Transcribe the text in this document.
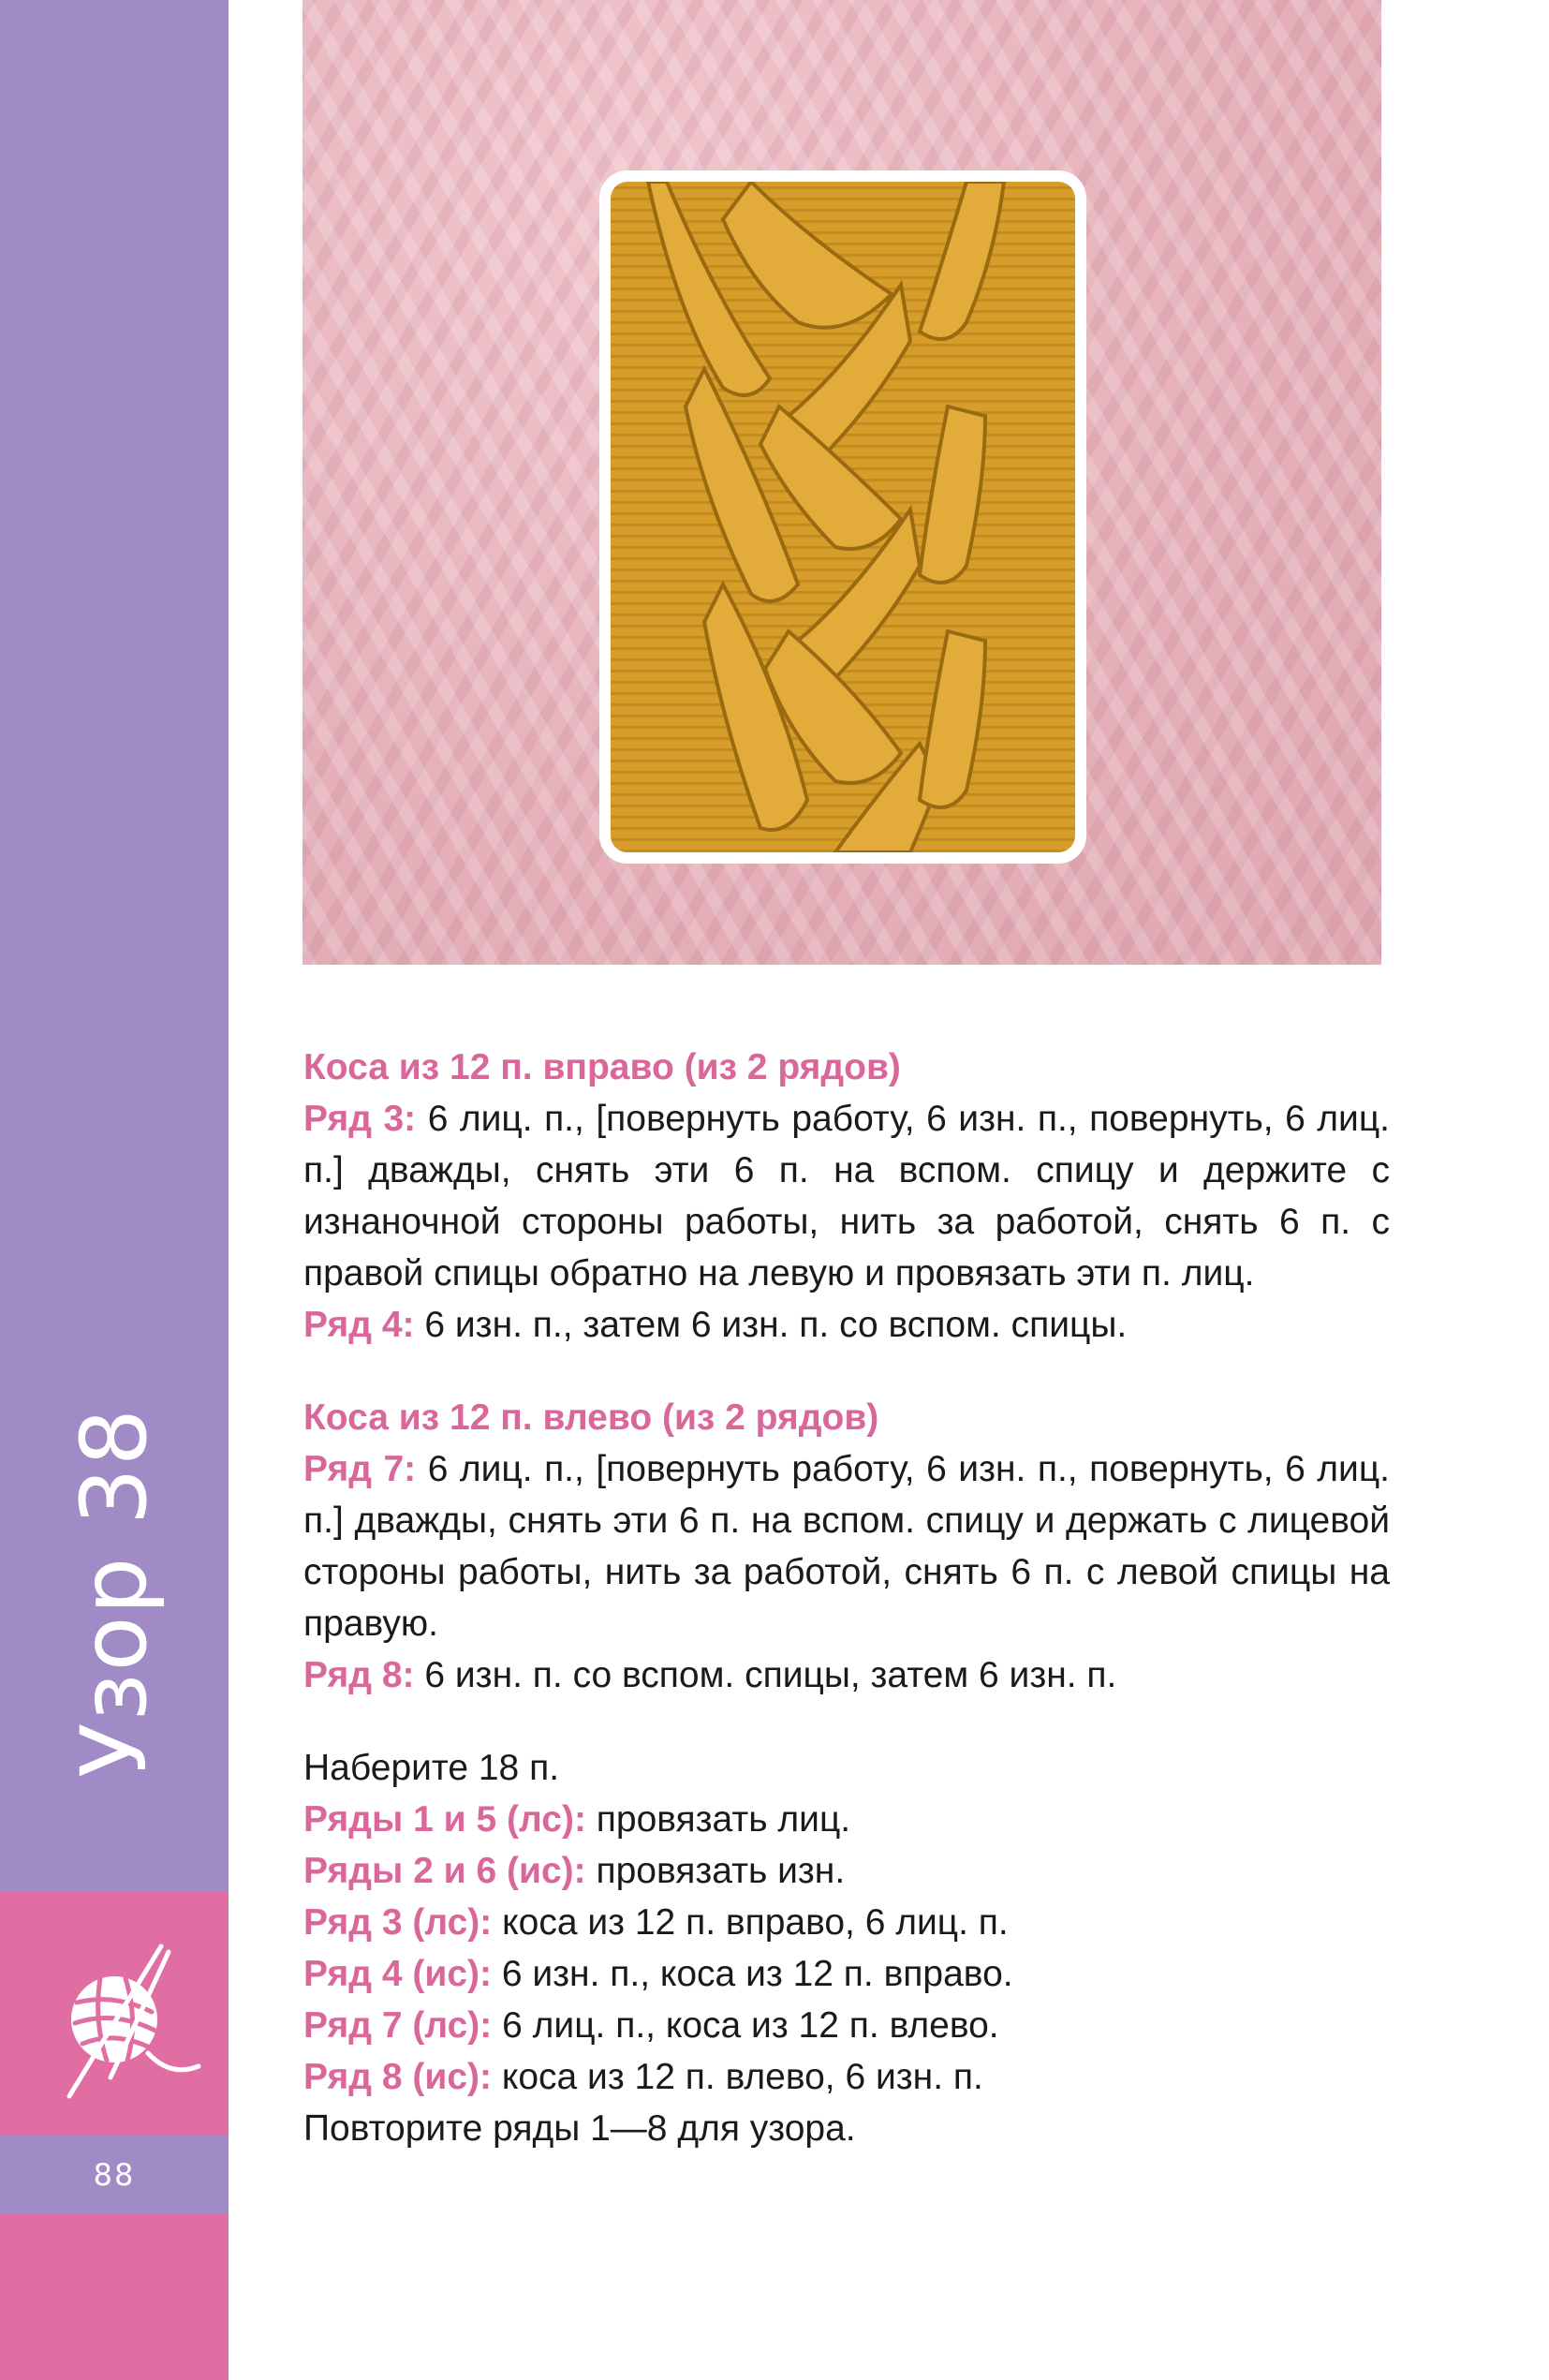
Узор 38
88
Коса из 12 п. вправо (из 2 рядов)

Ряд 3: 6 лиц. п., [повернуть работу, 6 изн. п., повернуть, 6 лиц. п.] дважды, снять эти 6 п. на вспом. спицу и держите с изнаночной стороны работы, нить за работой, снять 6 п. с правой спицы обратно на левую и провязать эти п. лиц.

Ряд 4: 6 изн. п., затем 6 изн. п. со вспом. спицы.

Коса из 12 п. влево (из 2 рядов)

Ряд 7: 6 лиц. п., [повернуть работу, 6 изн. п., повернуть, 6 лиц. п.] дважды, снять эти 6 п. на вспом. спицу и держать с лицевой стороны работы, нить за работой, снять 6 п. с левой спицы на правую.

Ряд 8: 6 изн. п. со вспом. спицы, затем 6 изн. п.

Наберите 18 п.
Ряды 1 и 5 (лс): провязать лиц.
Ряды 2 и 6 (ис): провязать изн.
Ряд 3 (лс): коса из 12 п. вправо, 6 лиц. п.
Ряд 4 (ис): 6 изн. п., коса из 12 п. вправо.
Ряд 7 (лс): 6 лиц. п., коса из 12 п. влево.
Ряд 8 (ис): коса из 12 п. влево, 6 изн. п.
Повторите ряды 1—8 для узора.
